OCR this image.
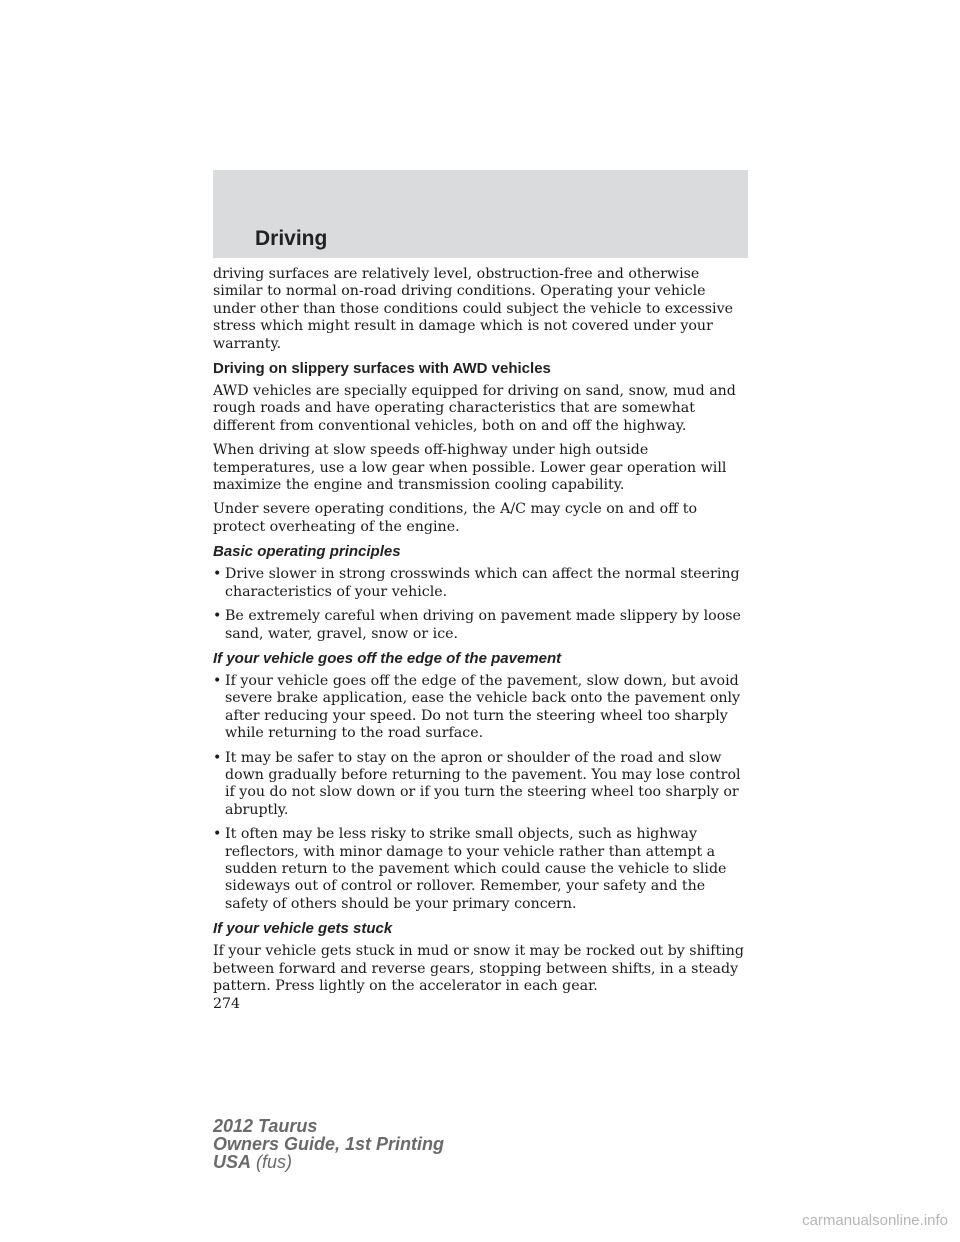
Driving

driving surfaces are relatively level, obstruction-free and otherwise similar to normal on-road driving conditions. Operating your vehicle under other than those conditions could subject the vehicle to excessive stress which might result in damage which is not covered under your warranty.

Driving on slippery surfaces with AWD vehicles

AWD vehicles are specially equipped for driving on sand, snow, mud and rough roads and have operating characteristics that are somewhat different from conventional vehicles, both on and off the highway.

When driving at slow speeds off-highway under high outside temperatures, use a low gear when possible. Lower gear operation will maximize the engine and transmission cooling capability.

Under severe operating conditions, the A/C may cycle on and off to protect overheating of the engine.

Basic operating principles
• Drive slower in strong crosswinds which can affect the normal steering characteristics of your vehicle.
• Be extremely careful when driving on pavement made slippery by loose sand, water, gravel, snow or ice.
If your vehicle goes off the edge of the pavement
• If your vehicle goes off the edge of the pavement, slow down, but avoid severe brake application, ease the vehicle back onto the pavement only after reducing your speed. Do not turn the steering wheel too sharply while returning to the road surface.
• It may be safer to stay on the apron or shoulder of the road and slow down gradually before returning to the pavement. You may lose control if you do not slow down or if you turn the steering wheel too sharply or abruptly.
• It often may be less risky to strike small objects, such as highway reflectors, with minor damage to your vehicle rather than attempt a sudden return to the pavement which could cause the vehicle to slide sideways out of control or rollover. Remember, your safety and the safety of others should be your primary concern.
If your vehicle gets stuck

If your vehicle gets stuck in mud or snow it may be rocked out by shifting between forward and reverse gears, stopping between shifts, in a steady pattern. Press lightly on the accelerator in each gear.

274
2012 Taurus
Owners Guide, 1st Printing
USA (fus)
carmanualsonline.info
